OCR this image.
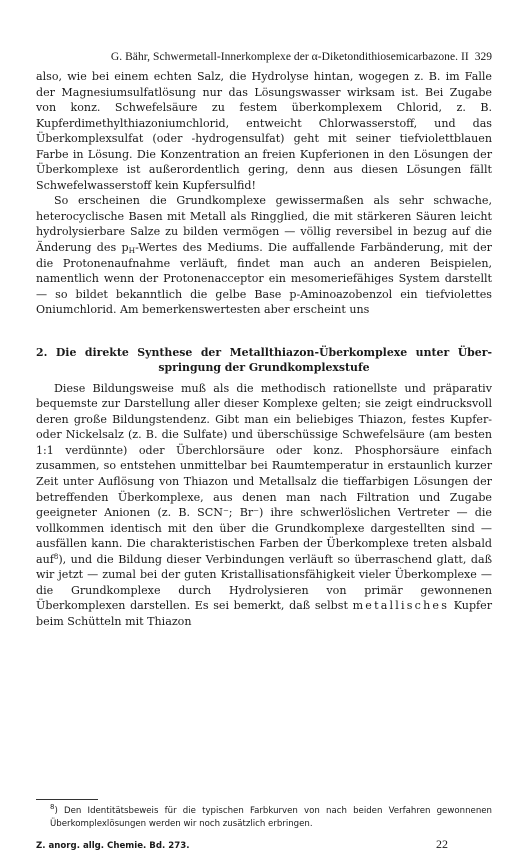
G. Bähr, Schwermetall-Innerkomplexe der α-Diketondithiosemicarbazone. II 329

also, wie bei einem echten Salz, die Hydrolyse hintan, wogegen z. B. im Falle der Magnesiumsulfatlösung nur das Lösungswasser wirksam ist. Bei Zugabe von konz. Schwefelsäure zu festem überkomplexem Chlorid, z. B. Kupferdimethylthiazoniumchlorid, entweicht Chlorwasserstoff, und das Überkomplexsulfat (oder -hydrogensulfat) geht mit seiner tiefviolettblauen Farbe in Lösung. Die Konzentration an freien Kupferionen in den Lösungen der Überkomplexe ist außerordentlich gering, denn aus diesen Lösungen fällt Schwefelwasserstoff kein Kupfersulfid!

So erscheinen die Grundkomplexe gewissermaßen als sehr schwache, heterocyclische Basen mit Metall als Ringglied, die mit stärkeren Säuren leicht hydrolysierbare Salze zu bilden vermögen — völlig reversibel in bezug auf die Änderung des $p_H$-Wertes des Mediums. Die auffallende Farbänderung, mit der die Protonenaufnahme verläuft, findet man auch an anderen Beispielen, namentlich wenn der Protonenacceptor ein mesomeriefähiges System darstellt — so bildet bekanntlich die gelbe Base p-Aminoazobenzol ein tiefviolettes Oniumchlorid. Am bemerkenswertesten aber erscheint uns

2. Die direkte Synthese der Metallthiazon-Überkomplexe unter Über-
springung der Grundkomplexstufe

Diese Bildungsweise muß als die methodisch rationellste und präparativ bequemste zur Darstellung aller dieser Komplexe gelten; sie zeigt eindrucksvoll deren große Bildungstendenz. Gibt man ein beliebiges Thiazon, festes Kupfer- oder Nickelsalz (z. B. die Sulfate) und überschüssige Schwefelsäure (am besten 1:1 verdünnte) oder Überchlorsäure oder konz. Phosphorsäure einfach zusammen, so entstehen unmittelbar bei Raumtemperatur in erstaunlich kurzer Zeit unter Auflösung von Thiazon und Metallsalz die tieffarbigen Lösungen der betreffenden Überkomplexe, aus denen man nach Filtration und Zugabe geeigneter Anionen (z. B. SCN⁻; Br⁻) ihre schwerlöslichen Vertreter — die vollkommen identisch mit den über die Grundkomplexe dargestellten sind — ausfällen kann. Die charakteristischen Farben der Überkomplexe treten alsbald auf$^8$), und die Bildung dieser Verbindungen verläuft so überraschend glatt, daß wir jetzt — zumal bei der guten Kristallisationsfähigkeit vieler Überkomplexe — die Grundkomplexe durch Hydrolysieren von primär gewonnenen Überkomplexen darstellen. Es sei bemerkt, daß selbst metallisches Kupfer beim Schütteln mit Thiazon

$^8$) Den Identitätsbeweis für die typischen Farbkurven von nach beiden Verfahren gewonnenen Überkomplexlösungen werden wir noch zusätzlich erbringen.
Z. anorg. allg. Chemie. Bd. 273.	22
